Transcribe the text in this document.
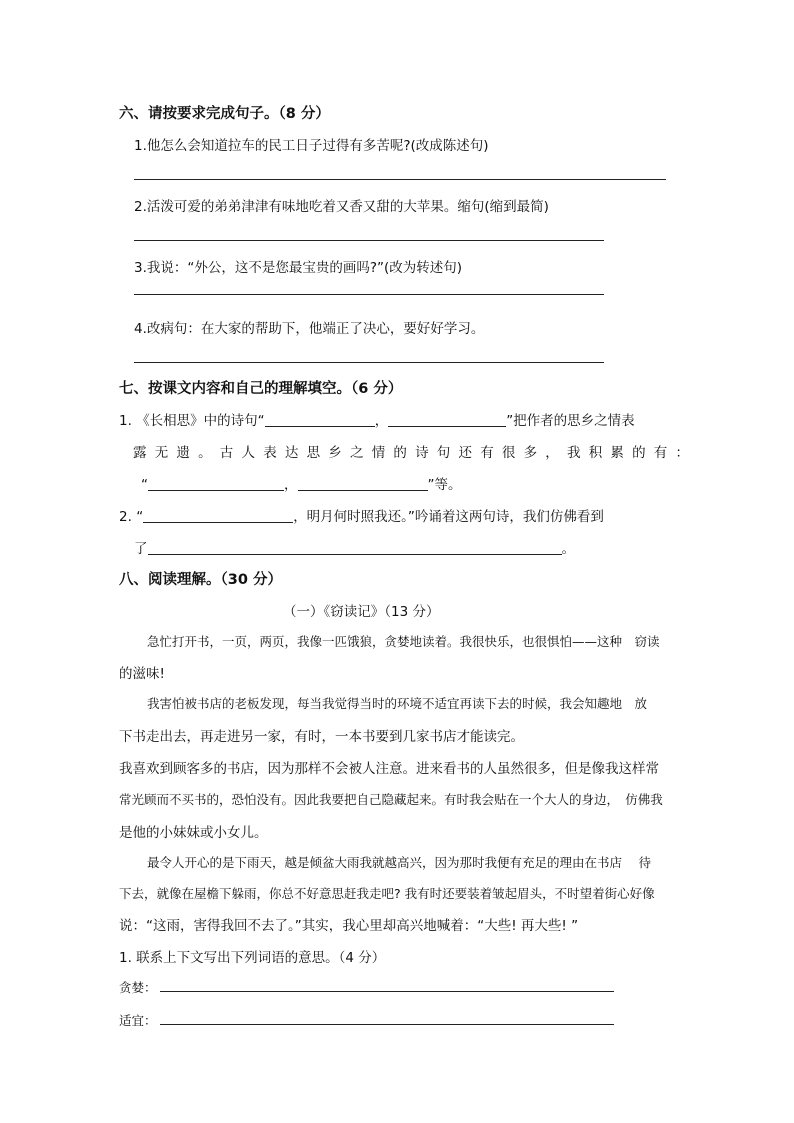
六、请按要求完成句子。（8 分）
1.他怎么会知道拉车的民工日子过得有多苦呢?(改成陈述句)
2.活泼可爱的弟弟津津有味地吃着又香又甜的大苹果。缩句(缩到最简)
3.我说：“外公，这不是您最宝贵的画吗?”(改为转述句)
4.改病句：在大家的帮助下，他端正了决心，要好好学习。
七、按课文内容和自己的理解填空。（6 分）
1. 《长相思》中的诗句“	，	”把作者的思乡之情表
露无遗。古人表达思乡之情的诗句还有很多，我积累的有：
“	，	”等。
2. “	，明月何时照我还。”吟诵着这两句诗，我们仿佛看到
了	。
八、阅读理解。（30 分）
（一）《窃读记》（13 分）
急忙打开书，一页，两页，我像一匹饿狼，贪婪地读着。我很快乐，也很惧怕——这种　窃读
的滋味!
我害怕被书店的老板发现，每当我觉得当时的环境不适宜再读下去的时候，我会知趣地　放
下书走出去，再走进另一家，有时，一本书要到几家书店才能读完。
我喜欢到顾客多的书店，因为那样不会被人注意。进来看书的人虽然很多，但是像我这样常
常光顾而不买书的，恐怕没有。因此我要把自己隐藏起来。有时我会贴在一个大人的身边，　仿佛我
是他的小妹妹或小女儿。
最令人开心的是下雨天，越是倾盆大雨我就越高兴，因为那时我便有充足的理由在书店　 待
下去，就像在屋檐下躲雨，你总不好意思赶我走吧? 我有时还要装着皱起眉头，不时望着街心好像
说：“这雨，害得我回不去了。”其实，我心里却高兴地喊着：“大些! 再大些! ”
1. 联系上下文写出下列词语的意思。（4 分）
贪婪：
适宜：
